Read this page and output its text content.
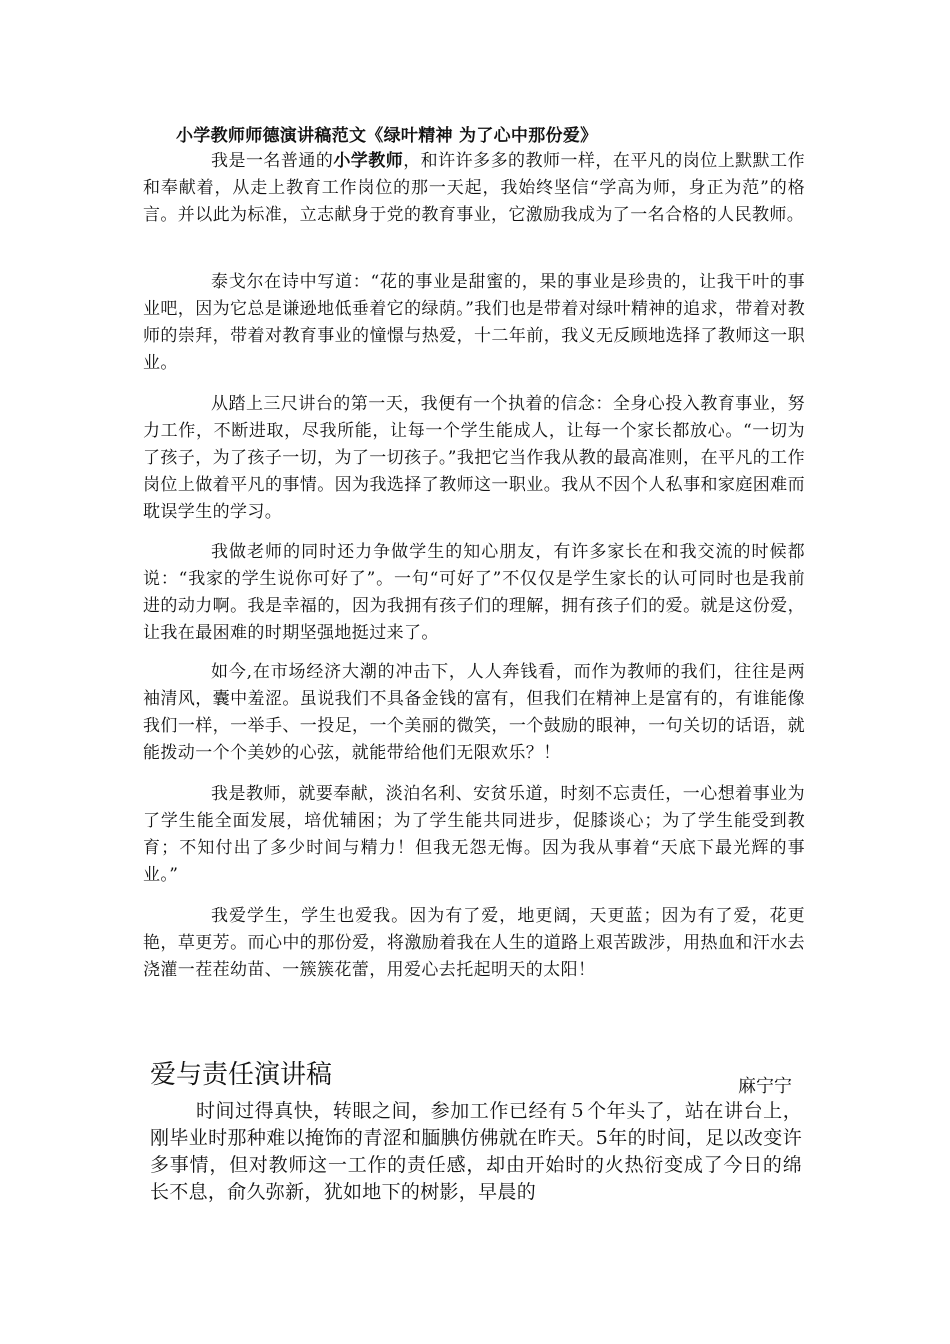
小学教师师德演讲稿范文《绿叶精神 为了心中那份爱》

我是一名普通的小学教师，和许许多多的教师一样，在平凡的岗位上默默工作和奉献着，从走上教育工作岗位的那一天起，我始终坚信“学高为师，身正为范”的格言。并以此为标准，立志献身于党的教育事业，它激励我成为了一名合格的人民教师。

泰戈尔在诗中写道：“花的事业是甜蜜的，果的事业是珍贵的，让我干叶的事业吧，因为它总是谦逊地低垂着它的绿荫。”我们也是带着对绿叶精神的追求，带着对教师的崇拜，带着对教育事业的憧憬与热爱，十二年前，我义无反顾地选择了教师这一职业。

从踏上三尺讲台的第一天，我便有一个执着的信念：全身心投入教育事业，努力工作，不断进取，尽我所能，让每一个学生能成人，让每一个家长都放心。“一切为了孩子，为了孩子一切，为了一切孩子。”我把它当作我从教的最高准则，在平凡的工作岗位上做着平凡的事情。因为我选择了教师这一职业。我从不因个人私事和家庭困难而耽误学生的学习。

我做老师的同时还力争做学生的知心朋友，有许多家长在和我交流的时候都说：“我家的学生说你可好了”。一句“可好了”不仅仅是学生家长的认可同时也是我前进的动力啊。我是幸福的，因为我拥有孩子们的理解，拥有孩子们的爱。就是这份爱，让我在最困难的时期坚强地挺过来了。

如今,在市场经济大潮的冲击下，人人奔钱看，而作为教师的我们，往往是两袖清风，囊中羞涩。虽说我们不具备金钱的富有，但我们在精神上是富有的，有谁能像我们一样，一举手、一投足，一个美丽的微笑，一个鼓励的眼神，一句关切的话语，就能拨动一个个美妙的心弦，就能带给他们无限欢乐？！

我是教师，就要奉献，淡泊名利、安贫乐道，时刻不忘责任，一心想着事业为了学生能全面发展，培优辅困；为了学生能共同进步，促膝谈心；为了学生能受到教育；不知付出了多少时间与精力！但我无怨无悔。因为我从事着“天底下最光辉的事业。”

我爱学生，学生也爱我。因为有了爱，地更阔，天更蓝；因为有了爱，花更艳，草更芳。而心中的那份爱，将激励着我在人生的道路上艰苦跋涉，用热血和汗水去浇灌一茬茬幼苗、一簇簇花蕾，用爱心去托起明天的太阳！

爱与责任演讲稿	麻宁宁

时间过得真快，转眼之间，参加工作已经有５个年头了，站在讲台上，刚毕业时那种难以掩饰的青涩和腼腆仿佛就在昨天。5年的时间，足以改变许多事情，但对教师这一工作的责任感，却由开始时的火热衍变成了今日的绵长不息，俞久弥新，犹如地下的树影，早晨的
